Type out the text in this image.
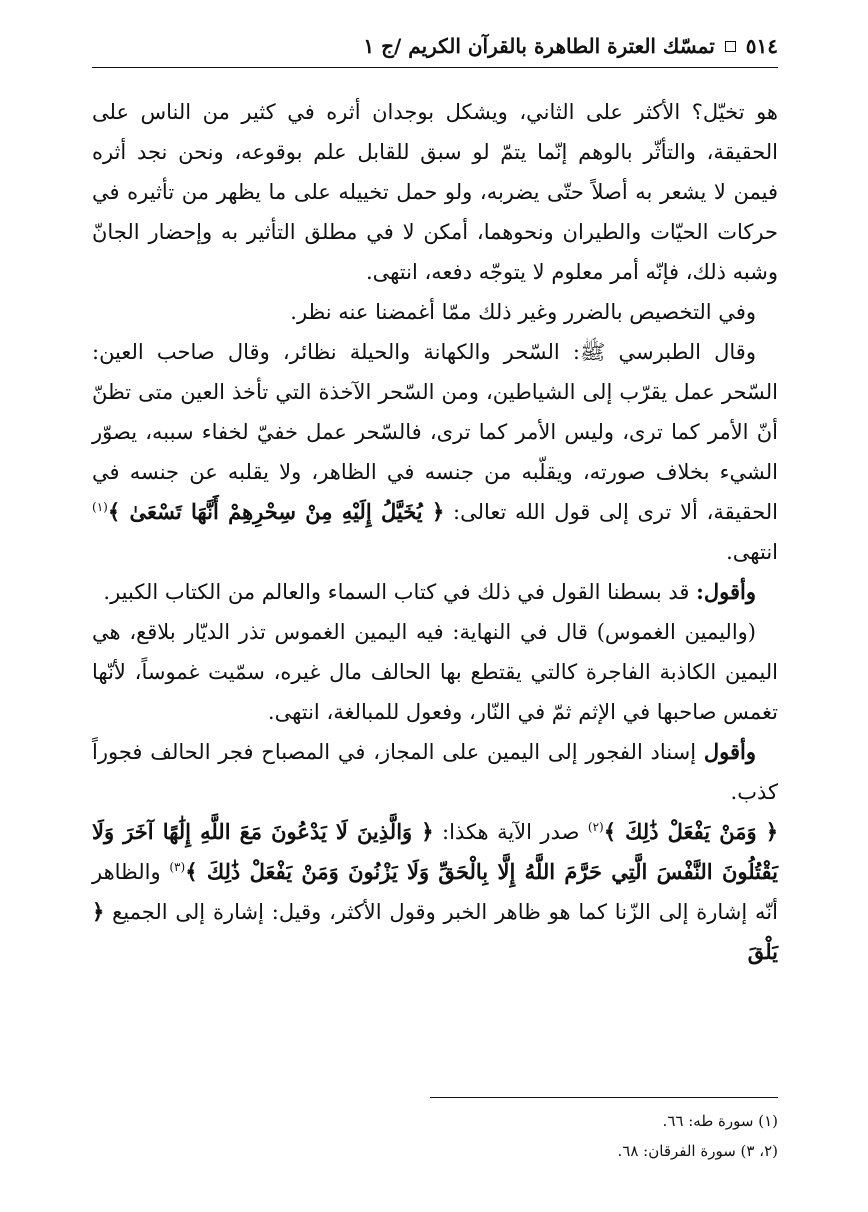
٥١٤
تمسّك العترة الطاهرة بالقرآن الكريم /ج ١

هو تخيّل؟ الأكثر على الثاني، ويشكل بوجدان أثره في كثير من الناس على الحقيقة، والتأثّر بالوهم إنّما يتمّ لو سبق للقابل علم بوقوعه، ونحن نجد أثره فيمن لا يشعر به أصلاً حتّى يضربه، ولو حمل تخييله على ما يظهر من تأثيره في حركات الحيّات والطيران ونحوهما، أمكن لا في مطلق التأثير به وإحضار الجانّ وشبه ذلك، فإنّه أمر معلوم لا يتوجّه دفعه، انتهى.

وفي التخصيص بالضرر وغير ذلك ممّا أغمضنا عنه نظر.

وقال الطبرسي ﷺ: السّحر والكهانة والحيلة نظائر، وقال صاحب العين: السّحر عمل يقرّب إلى الشياطين، ومن السّحر الآخذة التي تأخذ العين متى تظنّ أنّ الأمر كما ترى، وليس الأمر كما ترى، فالسّحر عمل خفيّ لخفاء سببه، يصوّر الشيء بخلاف صورته، ويقلّبه من جنسه في الظاهر، ولا يقلبه عن جنسه في الحقيقة، ألا ترى إلى قول الله تعالى: ﴿ يُخَيَّلُ إِلَيْهِ مِنْ سِحْرِهِمْ أَنَّهَا تَسْعَىٰ ﴾$^{(١)}$ انتهى.

وأقول: قد بسطنا القول في ذلك في كتاب السماء والعالم من الكتاب الكبير.

(واليمين الغموس) قال في النهاية: فيه اليمين الغموس تذر الديّار بلاقع، هي اليمين الكاذبة الفاجرة كالتي يقتطع بها الحالف مال غيره، سمّيت غموساً، لأنّها تغمس صاحبها في الإثم ثمّ في النّار، وفعول للمبالغة، انتهى.

وأقول إسناد الفجور إلى اليمين على المجاز، في المصباح فجر الحالف فجوراً كذب.

﴿ وَمَنْ يَفْعَلْ ذَٰلِكَ ﴾$^{(٢)}$ صدر الآية هكذا: ﴿ وَالَّذِينَ لَا يَدْعُونَ مَعَ اللَّهِ إِلَٰهًا آخَرَ وَلَا يَقْتُلُونَ النَّفْسَ الَّتِي حَرَّمَ اللَّهُ إِلَّا بِالْحَقِّ وَلَا يَزْنُونَ وَمَنْ يَفْعَلْ ذَٰلِكَ ﴾$^{(٣)}$ والظاهر أنّه إشارة إلى الزّنا كما هو ظاهر الخبر وقول الأكثر، وقيل: إشارة إلى الجميع ﴿ يَلْقَ

(١) سورة طه: ٦٦.
(٢، ٣) سورة الفرقان: ٦٨.
